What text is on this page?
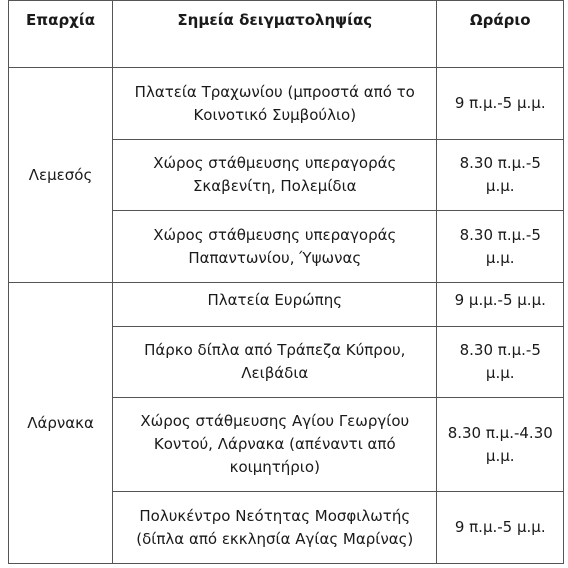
Επαρχία	Σημεία δειγματοληψίας	Ωράριο
Λεμεσός	Πλατεία Τραχωνίου (μπροστά από το Κοινοτικό Συμβούλιο)	9 π.μ.-5 μ.μ.
	Χώρος στάθμευσης υπεραγοράς Σκαβενίτη, Πολεμίδια	8.30 π.μ.-5 μ.μ.
	Χώρος στάθμευσης υπεραγοράς Παπαντωνίου, Ύψωνας	8.30 π.μ.-5 μ.μ.
Λάρνακα	Πλατεία Ευρώπης	9 μ.μ.-5 μ.μ.
	Πάρκο δίπλα από Τράπεζα Κύπρου, Λειβάδια	8.30 π.μ.-5 μ.μ.
	Χώρος στάθμευσης Αγίου Γεωργίου Κοντού, Λάρνακα (απέναντι από κοιμητήριο)	8.30 π.μ.-4.30 μ.μ.
	Πολυκέντρο Νεότητας Μοσφιλωτής (δίπλα από εκκλησία Αγίας Μαρίνας)	9 π.μ.-5 μ.μ.
